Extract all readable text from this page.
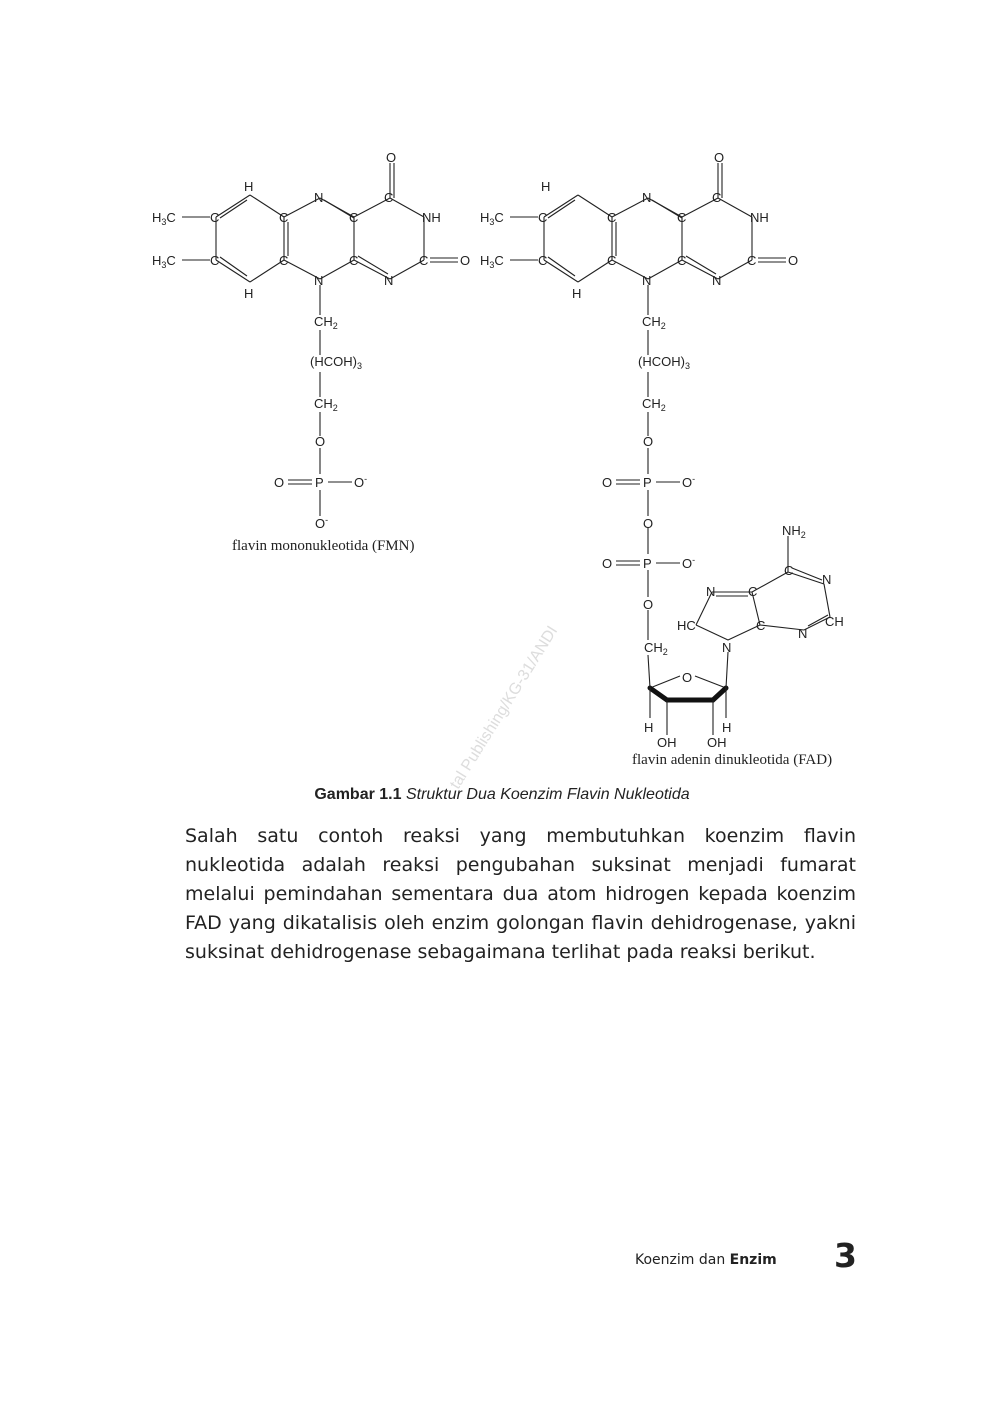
tal Publishing/KG-31/ANDI
H
C	C
C	C
H
$H_3C$
$H_3C$
N
C
C
N
C
O
NH
C O
N
$CH_2$
$(HCOH)_3$
$CH_2$
O
O P O-
O-
flavin mononukleotida (FMN)
H
C	C
C	C
H
$H_3C$
$H_3C$
N
C
C
N
C
O
NH
C O
N
$CH_2$
$(HCOH)_3$
$CH_2$
O
O P O-
O
O P O-
O
$CH_2$
O
H	H
OH OH
N
HC
N	C
C
C
$NH_2$
N
CH
N
flavin adenin dinukleotida (FAD)
Gambar 1.1 Struktur Dua Koenzim Flavin Nukleotida

Salah satu contoh reaksi yang membutuhkan koenzim flavin nukleotida adalah reaksi pengubahan suksinat menjadi fumarat melalui pemindahan sementara dua atom hidrogen kepada koenzim FAD yang dikatalisis oleh enzim golongan flavin dehidrogenase, yakni suksinat dehidrogenase sebagaimana terlihat pada reaksi berikut.

Koenzim dan Enzim 3
